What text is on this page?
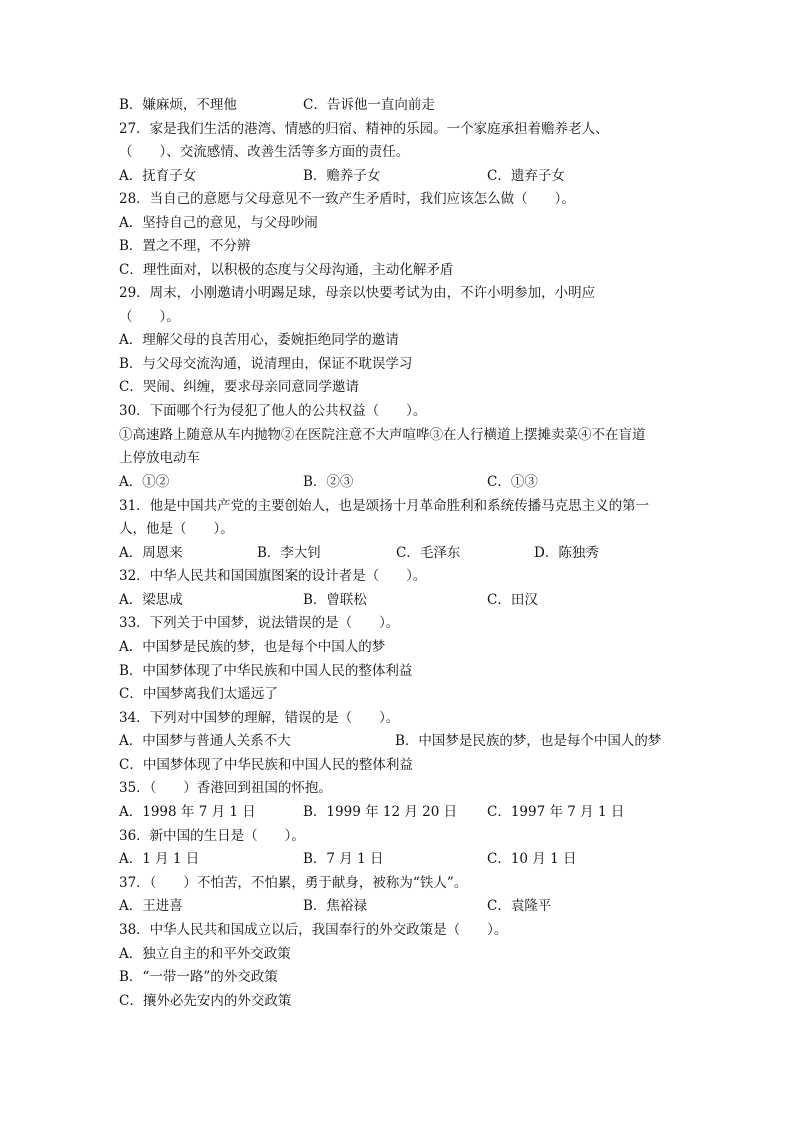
B．嫌麻烦，不理他	C．告诉他一直向前走
27．家是我们生活的港湾、情感的归宿、精神的乐园。一个家庭承担着赡养老人、
（　　）、交流感情、改善生活等多方面的责任。
A．抚育子女	B．赡养子女	C．遗弃子女
28．当自己的意愿与父母意见不一致产生矛盾时，我们应该怎么做（　　）。
A．坚持自己的意见，与父母吵闹
B．置之不理，不分辨
C．理性面对，以积极的态度与父母沟通，主动化解矛盾
29．周末，小刚邀请小明踢足球，母亲以快要考试为由，不许小明参加，小明应
（　　）。
A．理解父母的良苦用心，委婉拒绝同学的邀请
B．与父母交流沟通，说清理由，保证不耽误学习
C．哭闹、纠缠，要求母亲同意同学邀请
30．下面哪个行为侵犯了他人的公共权益（　　）。
①高速路上随意从车内抛物②在医院注意不大声喧哗③在人行横道上摆摊卖菜④不在盲道
上停放电动车
A．①②	B．②③	C．①③
31．他是中国共产党的主要创始人，也是颂扬十月革命胜利和系统传播马克思主义的第一
人，他是（　　）。
A．周恩来	B．李大钊	C．毛泽东	D．陈独秀
32．中华人民共和国国旗图案的设计者是（　　）。
A．梁思成	B．曾联松	C．田汉
33．下列关于中国梦，说法错误的是（　　）。
A．中国梦是民族的梦，也是每个中国人的梦
B．中国梦体现了中华民族和中国人民的整体利益
C．中国梦离我们太遥远了
34．下列对中国梦的理解，错误的是（　　）。
A．中国梦与普通人关系不大	B．中国梦是民族的梦，也是每个中国人的梦
C．中国梦体现了中华民族和中国人民的整体利益
35．（　　）香港回到祖国的怀抱。
A．1998 年 7 月 1 日	B．1999 年 12 月 20 日 C．1997 年 7 月 1 日
36．新中国的生日是（　　）。
A．1 月 1 日	B．7 月 1 日	C．10 月 1 日
37．（　　）不怕苦，不怕累，勇于献身，被称为“铁人”。
A．王进喜	B．焦裕禄	C．袁隆平
38．中华人民共和国成立以后，我国奉行的外交政策是（　　）。
A．独立自主的和平外交政策
B．“一带一路”的外交政策
C．攘外必先安内的外交政策
